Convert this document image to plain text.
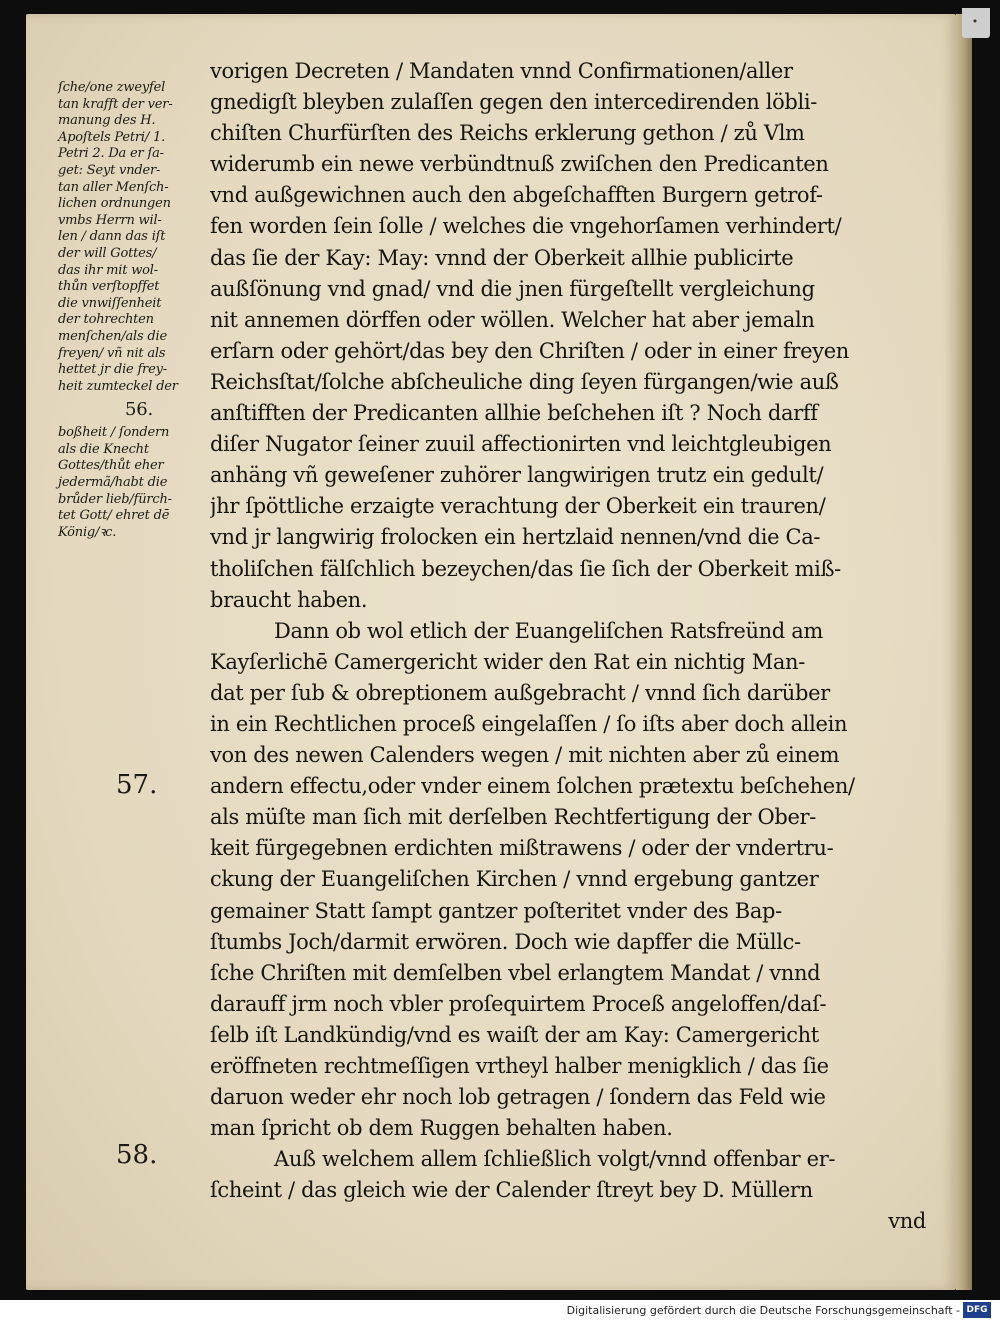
•
ſche/one zweyfel
tan krafft der ver-
manung des H.
Apoſtels Petri/ 1.
Petri 2. Da er ſa-
get: Seyt vnder-
tan aller Menſch-
lichen ordnungen
vmbs Herrn wil-
len / dann das iſt
der will Gottes/
das ihr mit wol-
thůn verſtopffet
die vnwiſſenheit
der tohrechten
menſchen/als die
freyen/ vñ nit als
hettet jr die frey-
heit zumteckel der
56.
boßheit / ſondern
als die Knecht
Gottes/thůt eher
jedermã/habt die
brůder lieb/fürch-
tet Gott/ ehret dē
König/ꝛc.
57.
58.
vorigen Decreten / Mandaten vnnd Confirmationen/aller
gnedigſt bleyben zulaſſen gegen den intercedirenden löbli-
chiſten Churfürſten des Reichs erklerung gethon / zů Vlm
widerumb ein newe verbündtnuß zwiſchen den Predicanten
vnd außgewichnen auch den abgeſchafften Burgern getrof-
fen worden ſein ſolle / welches die vngehorſamen verhindert/
das ſie der Kay: May: vnnd der Oberkeit allhie publicirte
außſönung vnd gnad/ vnd die jnen fürgeſtellt vergleichung
nit annemen dörffen oder wöllen. Welcher hat aber jemaln
erſarn oder gehört/das bey den Chriſten / oder in einer freyen
Reichsſtat/ſolche abſcheuliche ding ſeyen fürgangen/wie auß
anſtifften der Predicanten allhie beſchehen iſt ? Noch darff
diſer Nugator ſeiner zuuil affectionirten vnd leichtgleubigen
anhäng vñ geweſener zuhörer langwirigen trutz ein gedult/
jhr ſpöttliche erzaigte verachtung der Oberkeit ein trauren/
vnd jr langwirig frolocken ein hertzlaid nennen/vnd die Ca-
tholiſchen fälſchlich bezeychen/das ſie ſich der Oberkeit miß-
braucht haben.
Dann ob wol etlich der Euangeliſchen Ratsfreünd am
Kayſerlichē Camergericht wider den Rat ein nichtig Man-
dat per ſub & obreptionem außgebracht / vnnd ſich darüber
in ein Rechtlichen proceß eingelaſſen / ſo iſts aber doch allein
von des newen Calenders wegen / mit nichten aber zů einem
andern effectu,oder vnder einem ſolchen prætextu beſchehen/
als müſte man ſich mit derſelben Rechtfertigung der Ober-
keit fürgegebnen erdichten mißtrawens / oder der vndertru-
ckung der Euangeliſchen Kirchen / vnnd ergebung gantzer
gemainer Statt ſampt gantzer poſteritet vnder des Bap-
ſtumbs Joch/darmit erwören. Doch wie dapffer die Müllc-
ſche Chriſten mit demſelben vbel erlangtem Mandat / vnnd
darauff jrm noch vbler proſequirtem Proceß angeloffen/daſ-
ſelb iſt Landkündig/vnd es waiſt der am Kay: Camergericht
eröffneten rechtmeſſigen vrtheyl halber menigklich / das ſie
daruon weder ehr noch lob getragen / ſondern das Feld wie
man ſpricht ob dem Ruggen behalten haben.
Auß welchem allem ſchließlich volgt/vnnd offenbar er-
ſcheint / das gleich wie der Calender ſtreyt bey D. Müllern
vnd
Digitalisierung gefördert durch die Deutsche Forschungsgemeinschaft - DFG
